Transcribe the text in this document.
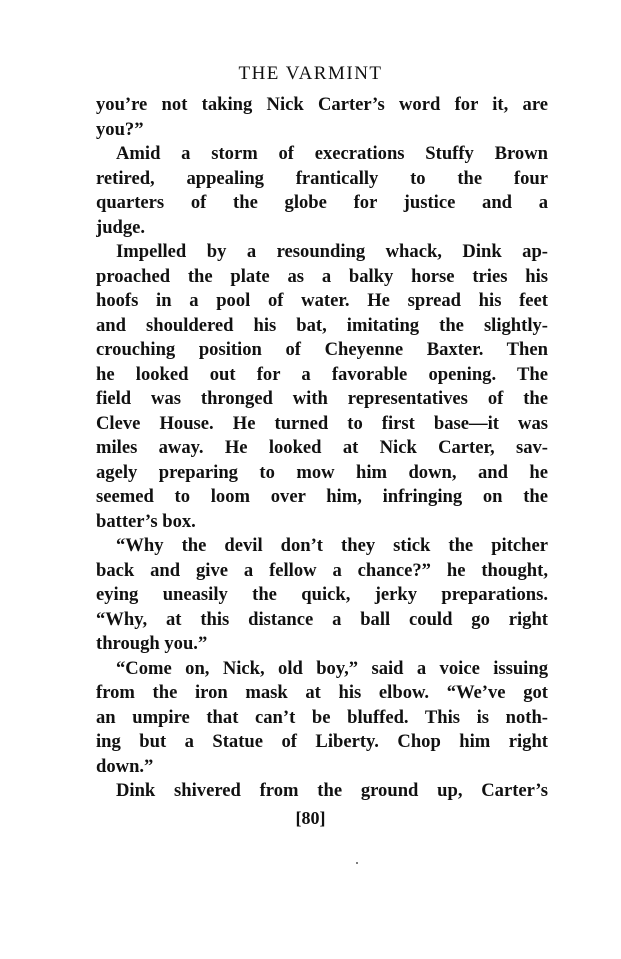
THE VARMINT
you’re not taking Nick Carter’s word for it, are
you?”
Amid a storm of execrations Stuffy Brown
retired, appealing frantically to the four
quarters of the globe for justice and a
judge.
Impelled by a resounding whack, Dink ap-
proached the plate as a balky horse tries his
hoofs in a pool of water. He spread his feet
and shouldered his bat, imitating the slightly-
crouching position of Cheyenne Baxter. Then
he looked out for a favorable opening. The
field was thronged with representatives of the
Cleve House. He turned to first base—it was
miles away. He looked at Nick Carter, sav-
agely preparing to mow him down, and he
seemed to loom over him, infringing on the
batter’s box.
“Why the devil don’t they stick the pitcher
back and give a fellow a chance?” he thought,
eying uneasily the quick, jerky preparations.
“Why, at this distance a ball could go right
through you.”
“Come on, Nick, old boy,” said a voice issuing
from the iron mask at his elbow. “We’ve got
an umpire that can’t be bluffed. This is noth-
ing but a Statue of Liberty. Chop him right
down.”
Dink shivered from the ground up, Carter’s
[80]
